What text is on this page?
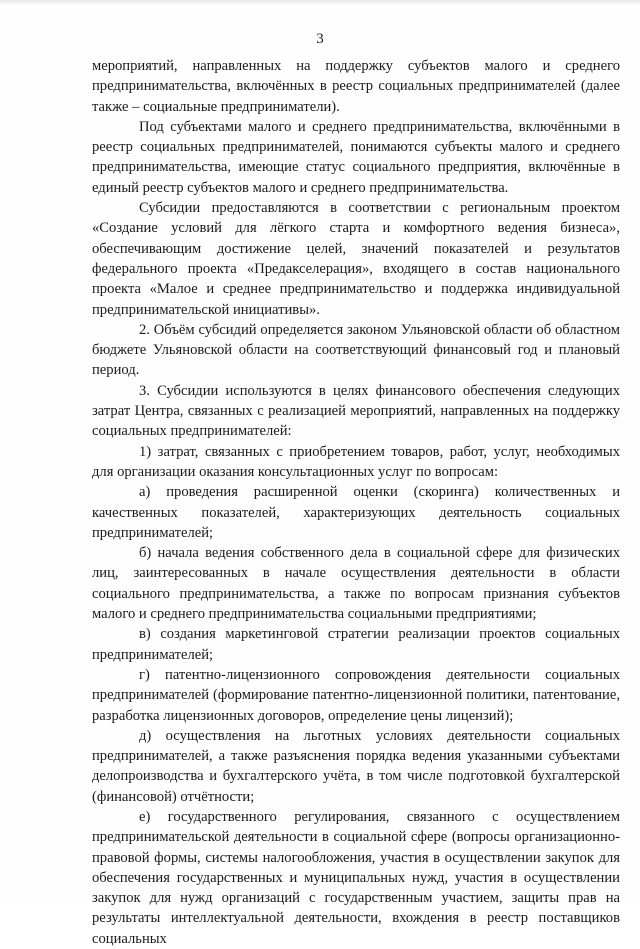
3

мероприятий, направленных на поддержку субъектов малого и среднего предпринимательства, включённых в реестр социальных предпринимателей (далее также – социальные предприниматели).

Под субъектами малого и среднего предпринимательства, включёнными в реестр социальных предпринимателей, понимаются субъекты малого и среднего предпринимательства, имеющие статус социального предприятия, включённые в единый реестр субъектов малого и среднего предпринимательства.

Субсидии предоставляются в соответствии с региональным проектом «Создание условий для лёгкого старта и комфортного ведения бизнеса», обеспечивающим достижение целей, значений показателей и результатов федерального проекта «Предакселерация», входящего в состав национального проекта «Малое и среднее предпринимательство и поддержка индивидуальной предпринимательской инициативы».

2. Объём субсидий определяется законом Ульяновской области об областном бюджете Ульяновской области на соответствующий финансовый год и плановый период.

3. Субсидии используются в целях финансового обеспечения следующих затрат Центра, связанных с реализацией мероприятий, направленных на поддержку социальных предпринимателей:

1) затрат, связанных с приобретением товаров, работ, услуг, необходимых для организации оказания консультационных услуг по вопросам:

а) проведения расширенной оценки (скоринга) количественных и качественных показателей, характеризующих деятельность социальных предпринимателей;

б) начала ведения собственного дела в социальной сфере для физических лиц, заинтересованных в начале осуществления деятельности в области социального предпринимательства, а также по вопросам признания субъектов малого и среднего предпринимательства социальными предприятиями;

в) создания маркетинговой стратегии реализации проектов социальных предпринимателей;

г) патентно-лицензионного сопровождения деятельности социальных предпринимателей (формирование патентно-лицензионной политики, патентование, разработка лицензионных договоров, определение цены лицензий);

д) осуществления на льготных условиях деятельности социальных предпринимателей, а также разъяснения порядка ведения указанными субъектами делопроизводства и бухгалтерского учёта, в том числе подготовкой бухгалтерской (финансовой) отчётности;

е) государственного регулирования, связанного с осуществлением предпринимательской деятельности в социальной сфере (вопросы организационно-правовой формы, системы налогообложения, участия в осуществлении закупок для обеспечения государственных и муниципальных нужд, участия в осуществлении закупок для нужд организаций с государственным участием, защиты прав на результаты интеллектуальной деятельности, вхождения в реестр поставщиков социальных
